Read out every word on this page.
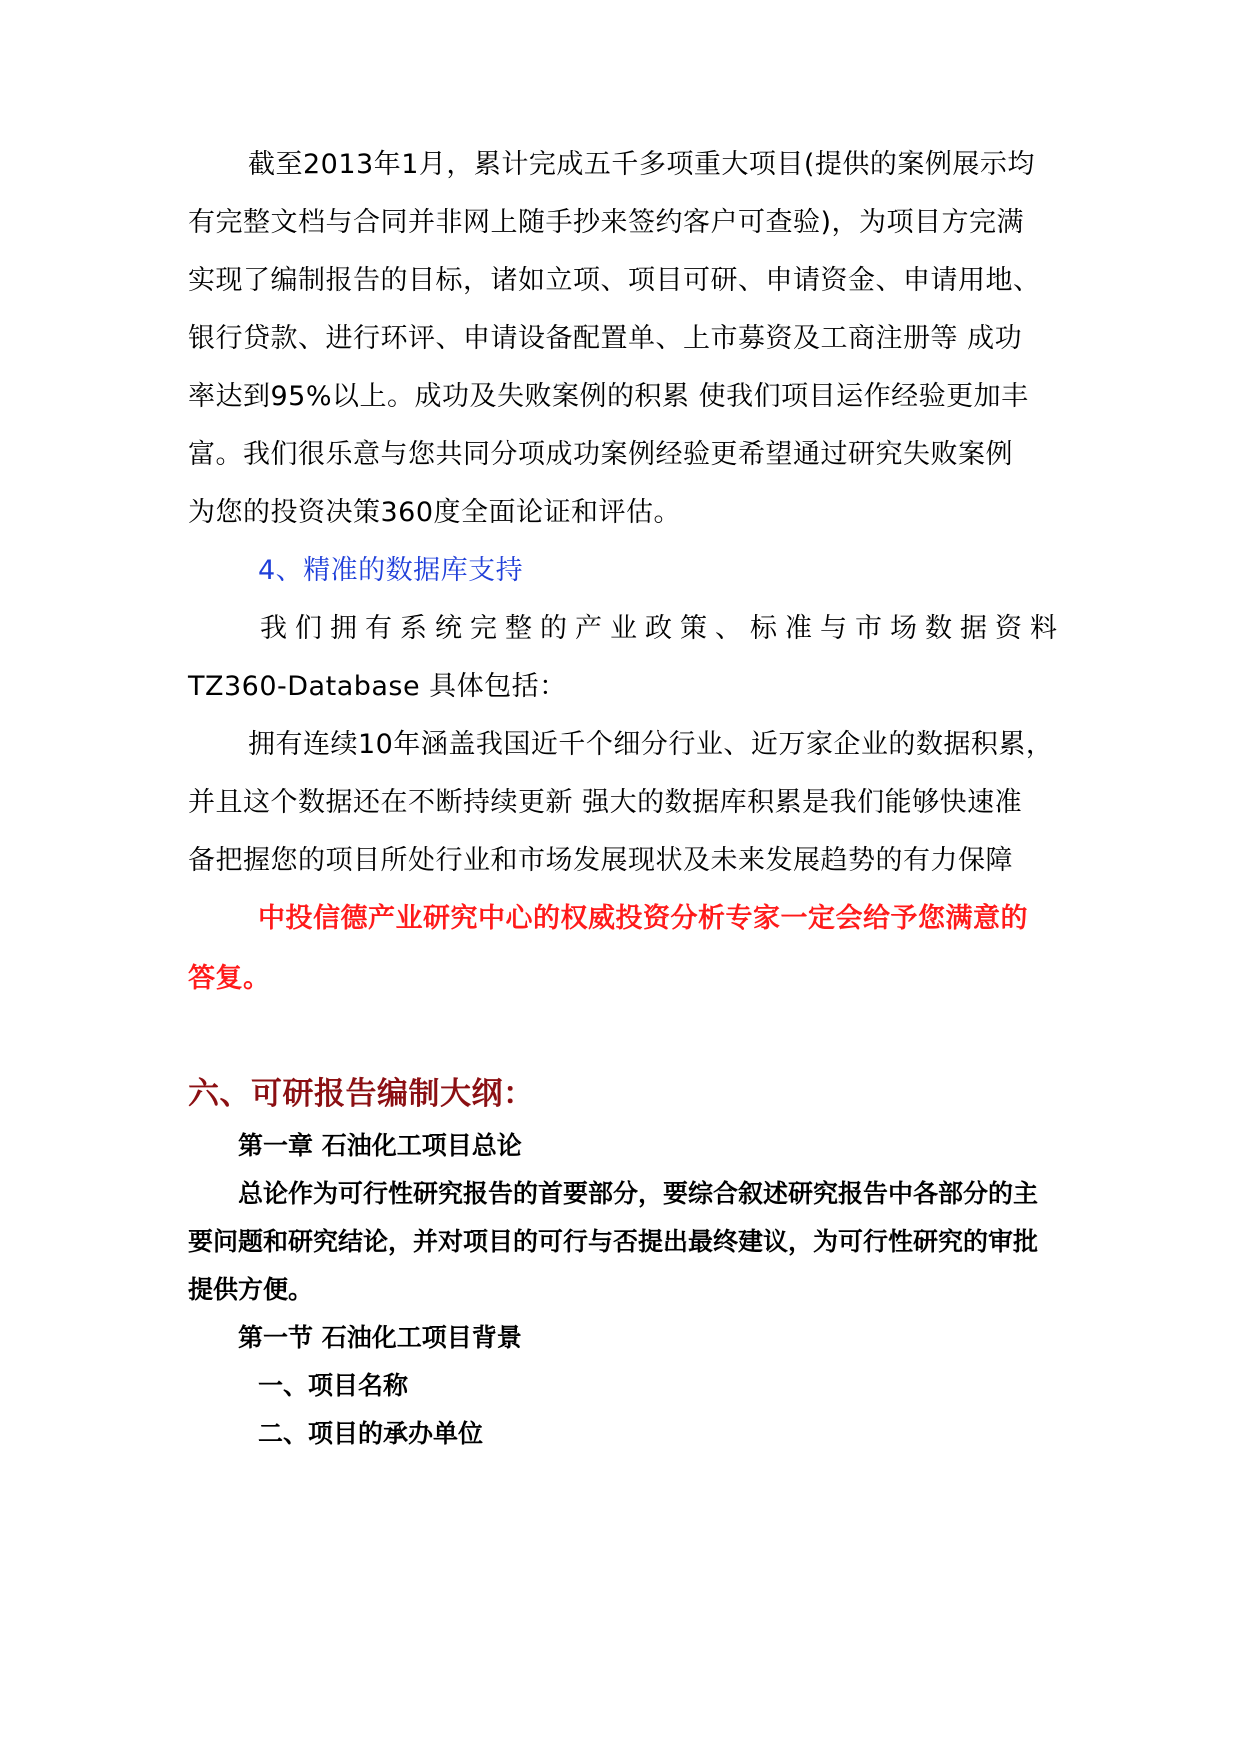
截至2013年1月，累计完成五千多项重大项目(提供的案例展示均
有完整文档与合同并非网上随手抄来签约客户可查验)，为项目方完满
实现了编制报告的目标，诸如立项、项目可研、申请资金、申请用地、
银行贷款、进行环评、申请设备配置单、上市募资及工商注册等 成功
率达到95%以上。成功及失败案例的积累 使我们项目运作经验更加丰
富。我们很乐意与您共同分项成功案例经验更希望通过研究失败案例
为您的投资决策360度全面论证和评估。
4、精准的数据库支持
我们拥有系统完整的产业政策、标准与市场数据资料
TZ360-Database 具体包括：
拥有连续10年涵盖我国近千个细分行业、近万家企业的数据积累，
并且这个数据还在不断持续更新 强大的数据库积累是我们能够快速准
备把握您的项目所处行业和市场发展现状及未来发展趋势的有力保障
中投信德产业研究中心的权威投资分析专家一定会给予您满意的
答复。
六、可研报告编制大纲：
第一章 石油化工项目总论
总论作为可行性研究报告的首要部分，要综合叙述研究报告中各部分的主
要问题和研究结论，并对项目的可行与否提出最终建议，为可行性研究的审批
提供方便。
第一节 石油化工项目背景
一、项目名称
二、项目的承办单位
